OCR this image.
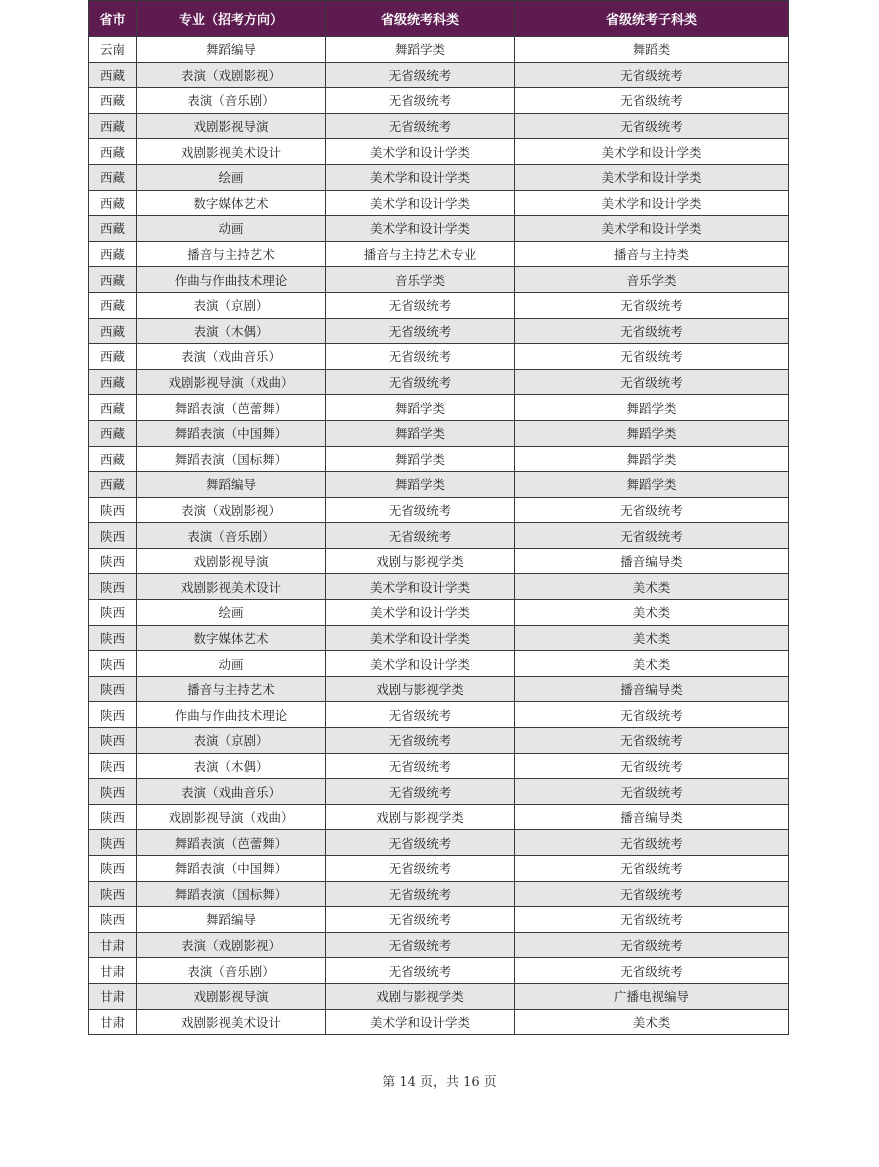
省市	专业（招考方向）	省级统考科类	省级统考子科类
云南	舞蹈编导	舞蹈学类	舞蹈类
西藏	表演（戏剧影视）	无省级统考	无省级统考
西藏	表演（音乐剧）	无省级统考	无省级统考
西藏	戏剧影视导演	无省级统考	无省级统考
西藏	戏剧影视美术设计	美术学和设计学类	美术学和设计学类
西藏	绘画	美术学和设计学类	美术学和设计学类
西藏	数字媒体艺术	美术学和设计学类	美术学和设计学类
西藏	动画	美术学和设计学类	美术学和设计学类
西藏	播音与主持艺术	播音与主持艺术专业	播音与主持类
西藏	作曲与作曲技术理论	音乐学类	音乐学类
西藏	表演（京剧）	无省级统考	无省级统考
西藏	表演（木偶）	无省级统考	无省级统考
西藏	表演（戏曲音乐）	无省级统考	无省级统考
西藏	戏剧影视导演（戏曲）	无省级统考	无省级统考
西藏	舞蹈表演（芭蕾舞）	舞蹈学类	舞蹈学类
西藏	舞蹈表演（中国舞）	舞蹈学类	舞蹈学类
西藏	舞蹈表演（国标舞）	舞蹈学类	舞蹈学类
西藏	舞蹈编导	舞蹈学类	舞蹈学类
陕西	表演（戏剧影视）	无省级统考	无省级统考
陕西	表演（音乐剧）	无省级统考	无省级统考
陕西	戏剧影视导演	戏剧与影视学类	播音编导类
陕西	戏剧影视美术设计	美术学和设计学类	美术类
陕西	绘画	美术学和设计学类	美术类
陕西	数字媒体艺术	美术学和设计学类	美术类
陕西	动画	美术学和设计学类	美术类
陕西	播音与主持艺术	戏剧与影视学类	播音编导类
陕西	作曲与作曲技术理论	无省级统考	无省级统考
陕西	表演（京剧）	无省级统考	无省级统考
陕西	表演（木偶）	无省级统考	无省级统考
陕西	表演（戏曲音乐）	无省级统考	无省级统考
陕西	戏剧影视导演（戏曲）	戏剧与影视学类	播音编导类
陕西	舞蹈表演（芭蕾舞）	无省级统考	无省级统考
陕西	舞蹈表演（中国舞）	无省级统考	无省级统考
陕西	舞蹈表演（国标舞）	无省级统考	无省级统考
陕西	舞蹈编导	无省级统考	无省级统考
甘肃	表演（戏剧影视）	无省级统考	无省级统考
甘肃	表演（音乐剧）	无省级统考	无省级统考
甘肃	戏剧影视导演	戏剧与影视学类	广播电视编导
甘肃	戏剧影视美术设计	美术学和设计学类	美术类
第 14 页，共 16 页
